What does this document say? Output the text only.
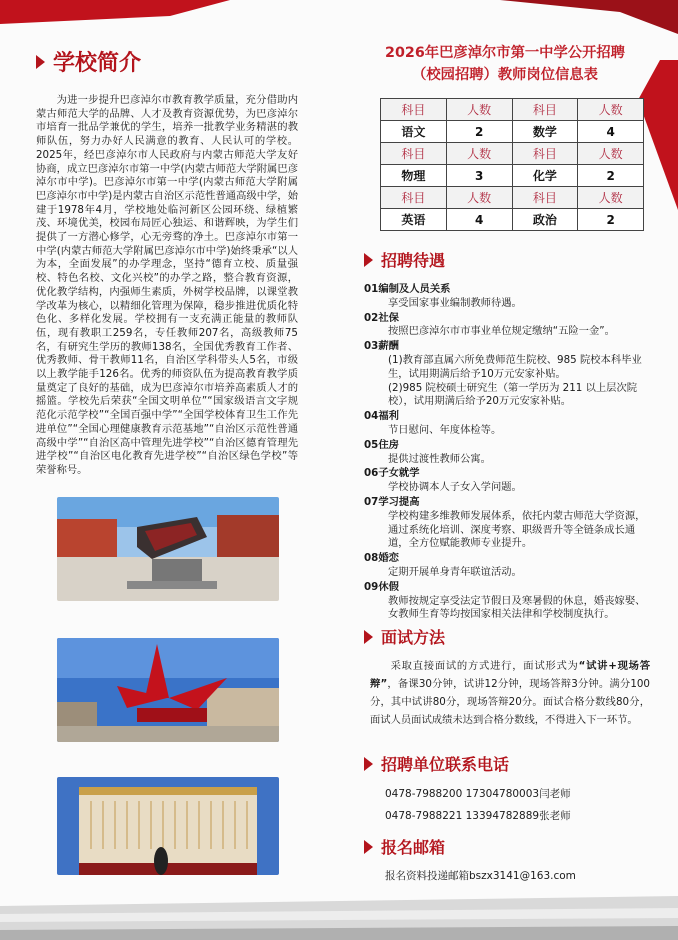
学校简介
为进一步提升巴彦淖尔市教育教学质量，充分借助内蒙古师范大学的品牌、人才及教育资源优势，为巴彦淖尔市培育一批品学兼优的学生，培养一批教学业务精湛的教师队伍，努力办好人民满意的教育、人民认可的学校。2025年，经巴彦淖尔市人民政府与内蒙古师范大学友好协商，成立巴彦淖尔市第一中学(内蒙古师范大学附属巴彦淖尔市中学)。巴彦淖尔市第一中学(内蒙古师范大学附属巴彦淖尔市中学)是内蒙古自治区示范性普通高级中学，始建于1978年4月，学校地处临河新区公园环绕、绿植繁茂、环境优美，校园布局匠心独运、和谐辉映，为学生们提供了一方潜心修学，心无旁骛的净土。巴彦淖尔市第一中学(内蒙古师范大学附属巴彦淖尔市中学)始终秉承“以人为本，全面发展”的办学理念，坚持“德育立校、质量强校、特色名校、文化兴校”的办学之路，整合教育资源，优化教学结构，内强师生素质，外树学校品牌，以课堂教学改革为核心，以精细化管理为保障，稳步推进优质化特色化、多样化发展。学校拥有一支充满正能量的教师队伍，现有教职工259名，专任教师207名，高级教师75名，有研究生学历的教师138名，全国优秀教育工作者、优秀教师、骨干教师11名，自治区学科带头人5名，市级以上教学能手126名。优秀的师资队伍为提高教育教学质量奠定了良好的基础，成为巴彦淖尔市培养高素质人才的摇篮。学校先后荣获“全国文明单位”“国家级语言文字规范化示范学校”“全国百强中学”“全国学校体育卫生工作先进单位”“全国心理健康教育示范基地”“自治区示范性普通高级中学”“自治区高中管理先进学校”“自治区德育管理先进学校”“自治区电化教育先进学校”“自治区绿色学校”等荣誉称号。
2026年巴彦淖尔市第一中学公开招聘
（校园招聘）教师岗位信息表
科目	人数	科目	人数
语文	2	数学	4
科目	人数	科目	人数
物理	3	化学	2
科目	人数	科目	人数
英语	4	政治	2
招聘待遇
01编制及人员关系
享受国家事业编制教师待遇。
02社保
按照巴彦淖尔市市事业单位规定缴纳“五险一金”。
03薪酬
(1)教育部直属六所免费师范生院校、985 院校本科毕业生，试用期满后给予10万元安家补贴。
(2)985 院校硕士研究生（第一学历为 211 以上层次院校），试用期满后给予20万元安家补贴。
04福利
节日慰问、年度体检等。
05住房
提供过渡性教师公寓。
06子女就学
学校协调本人子女入学问题。
07学习提高
学校构建多维教师发展体系，依托内蒙古师范大学资源，通过系统化培训、深度考察、职级晋升等全链条成长通道，全方位赋能教师专业提升。
08婚恋
定期开展单身青年联谊活动。
09休假
教师按规定享受法定节假日及寒暑假的休息，婚丧嫁娶、女教师生育等均按国家相关法律和学校制度执行。
面试方法
采取直接面试的方式进行，面试形式为“试讲+现场答辩”，备课30分钟，试讲12分钟，现场答辩3分钟。满分100分，其中试讲80分，现场答辩20分。面试合格分数线80分，面试人员面试成绩未达到合格分数线，不得进入下一环节。
招聘单位联系电话
0478-7988200 17304780003闫老师
0478-7988221 13394782889张老师
报名邮箱
报名资料投递邮箱bszx3141@163.com
